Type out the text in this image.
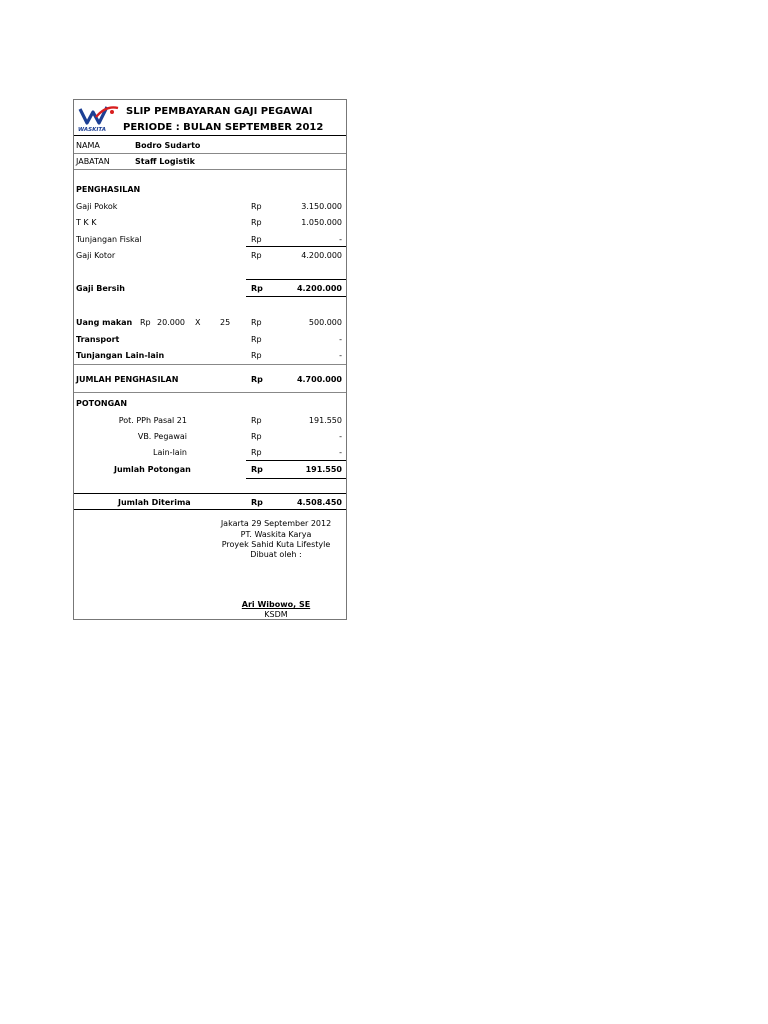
WASKITA
SLIP PEMBAYARAN GAJI PEGAWAI
PERIODE : BULAN SEPTEMBER 2012
NAMA	Bodro Sudarto
JABATAN	Staff Logistik
PENGHASILAN
Gaji Pokok	Rp	3.150.000
T K K	Rp	1.050.000
Tunjangan Fiskal	Rp	-
Gaji Kotor	Rp	4.200.000
Gaji Bersih	Rp	4.200.000
Uang makan Rp 20.000 X 25	Rp	500.000
Transport	Rp	-
Tunjangan Lain-lain	Rp	-
JUMLAH PENGHASILAN	Rp	4.700.000
POTONGAN
Pot. PPh Pasal 21	Rp	191.550
VB. Pegawai	Rp	-
Lain-lain	Rp	-
Jumlah Potongan	Rp	191.550
Jumlah Diterima	Rp	4.508.450
Jakarta 29 September 2012
PT. Waskita Karya
Proyek Sahid Kuta Lifestyle
Dibuat oleh :
Ari Wibowo, SE
KSDM
